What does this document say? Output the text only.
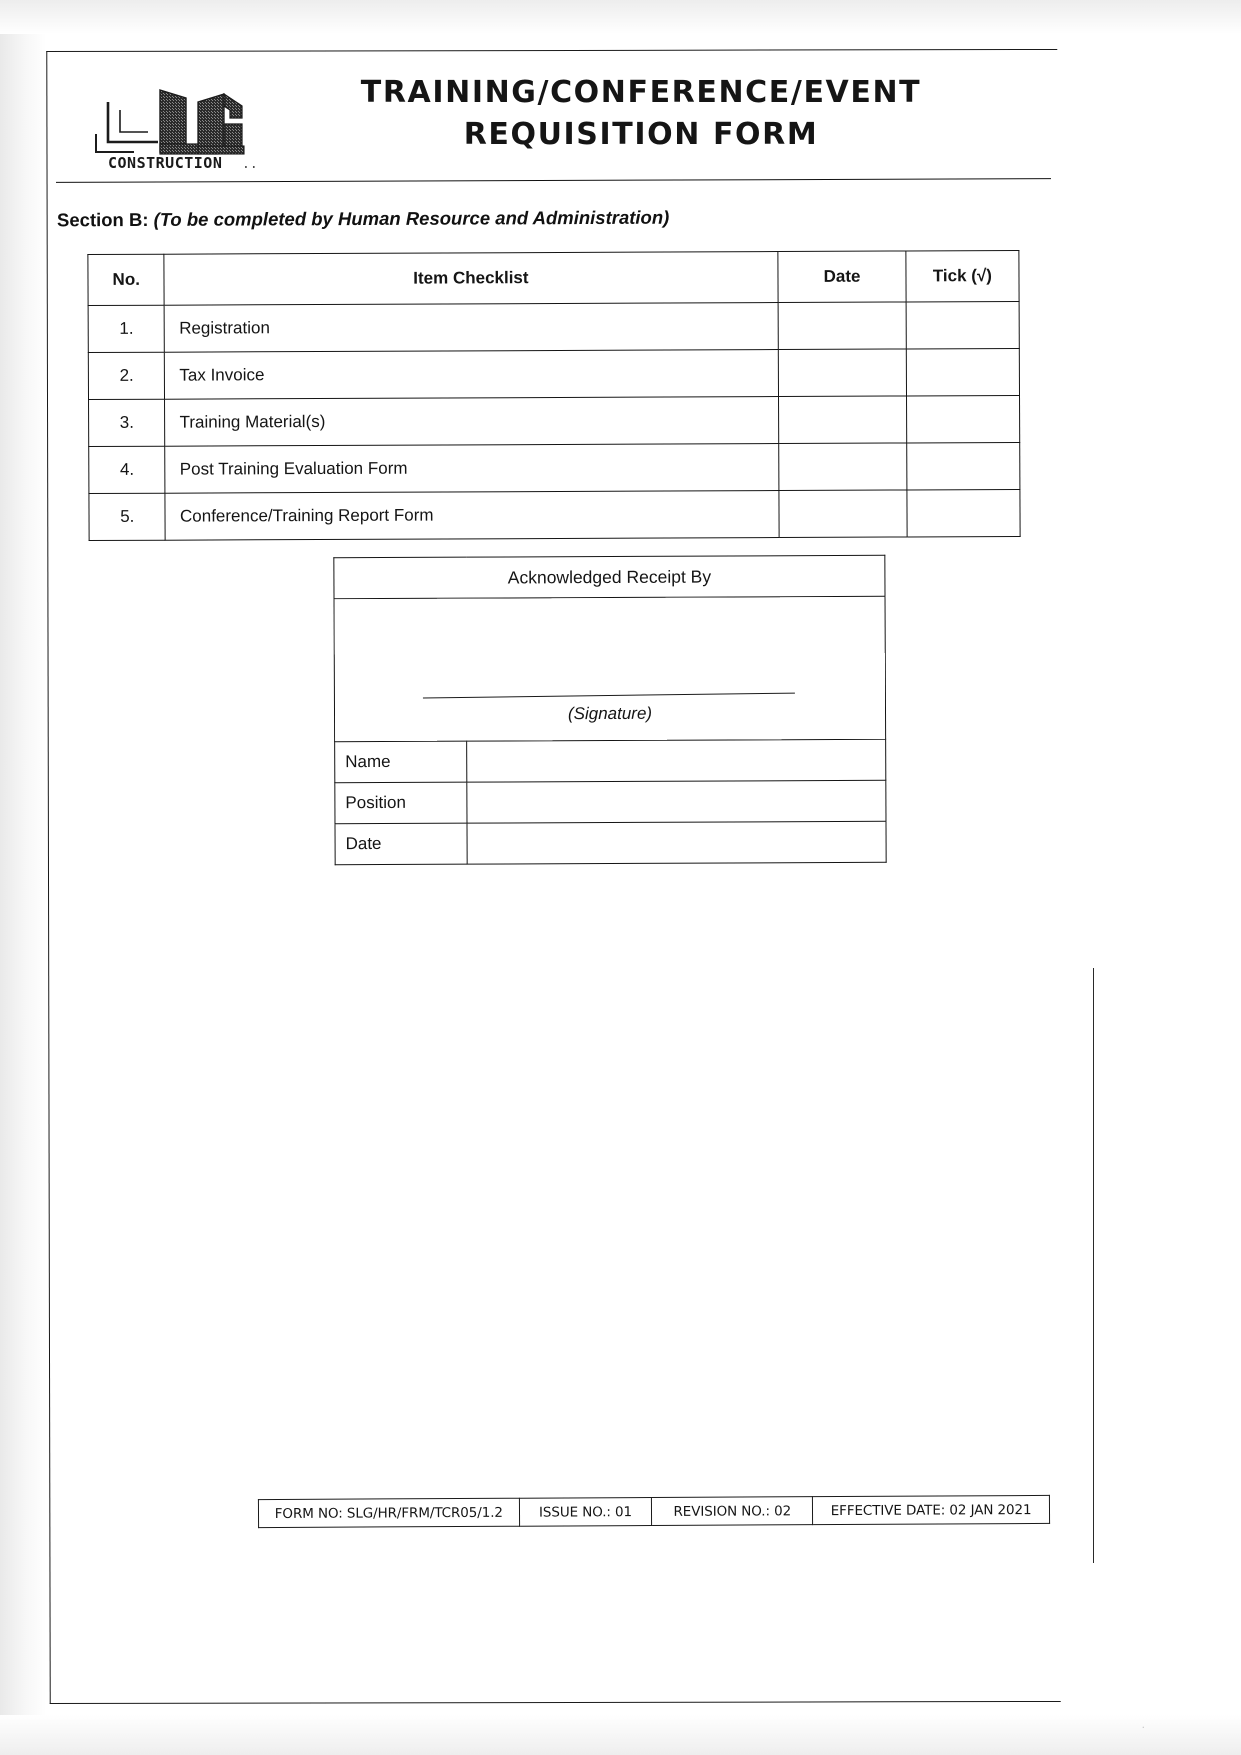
CONSTRUCTION ..
TRAINING/CONFERENCE/EVENT
REQUISITION FORM
Section B: (To be completed by Human Resource and Administration)
No.	Item Checklist	Date	Tick (√)
1.	Registration		
2.	Tax Invoice		
3.	Training Material(s)		
4.	Post Training Evaluation Form		
5.	Conference/Training Report Form		
Acknowledged Receipt By	

(Signature)	

Name	
Position	
Date	
FORM NO: SLG/HR/FRM/TCR05/1.2	ISSUE NO.: 01	REVISION NO.: 02	EFFECTIVE DATE: 02 JAN 2021
.
